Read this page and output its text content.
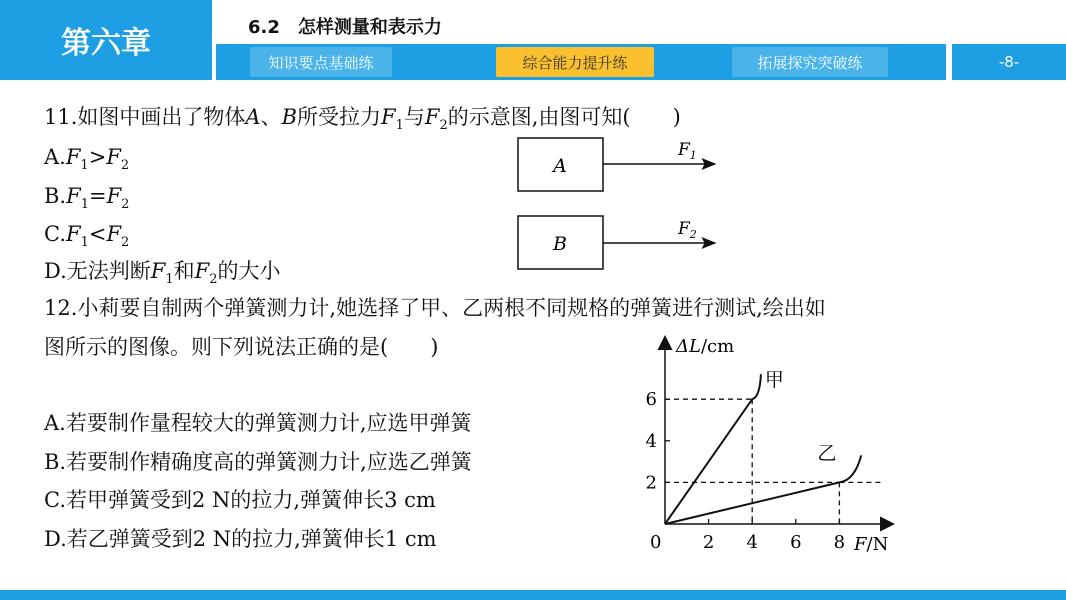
第六章	6.2　怎样测量和表示力
知识要点基础练	综合能力提升练	拓展探究突破练	-8-
11.如图中画出了物体A、B所受拉力$F_1$与$F_2$的示意图,由图可知(　　)
$A.F_1>F_2$
$B.F_1=F_2$
$C.F_1<F_2$
D.无法判断$F_1$和$F_2$的大小
A
$F_1$
B
$F_2$
12.小莉要自制两个弹簧测力计,她选择了甲、乙两根不同规格的弹簧进行测试,绘出如
图所示的图像。则下列说法正确的是(　　)
A.若要制作量程较大的弹簧测力计,应选甲弹簧
B.若要制作精确度高的弹簧测力计,应选乙弹簧
C.若甲弹簧受到2 N的拉力,弹簧伸长3 cm
D.若乙弹簧受到2 N的拉力,弹簧伸长1 cm
ΔL/cm
F/N
0 2 4 6 8
2
4
6
甲
乙
